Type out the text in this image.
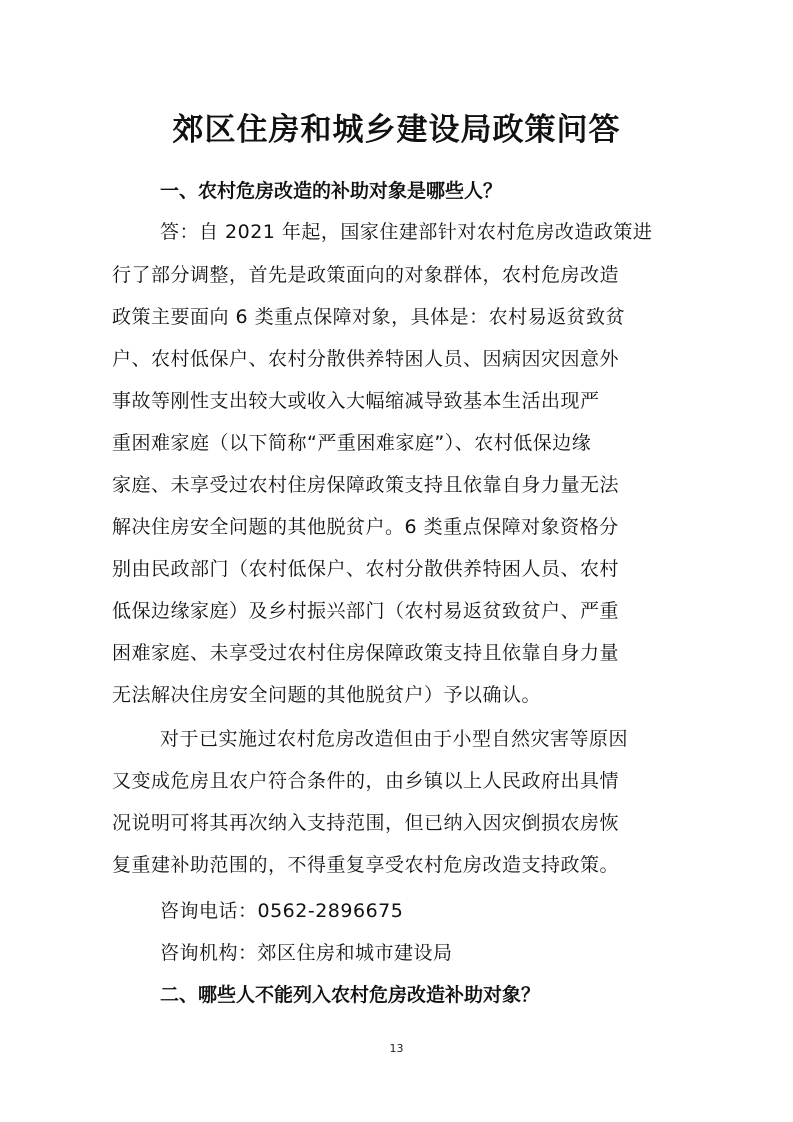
郊区住房和城乡建设局政策问答
一、农村危房改造的补助对象是哪些人？
答：自 2021 年起，国家住建部针对农村危房改造政策进
行了部分调整，首先是政策面向的对象群体，农村危房改造
政策主要面向 6 类重点保障对象，具体是：农村易返贫致贫
户、农村低保户、农村分散供养特困人员、因病因灾因意外
事故等刚性支出较大或收入大幅缩减导致基本生活出现严
重困难家庭（以下简称“严重困难家庭”）、农村低保边缘
家庭、未享受过农村住房保障政策支持且依靠自身力量无法
解决住房安全问题的其他脱贫户。6 类重点保障对象资格分
别由民政部门（农村低保户、农村分散供养特困人员、农村
低保边缘家庭）及乡村振兴部门（农村易返贫致贫户、严重
困难家庭、未享受过农村住房保障政策支持且依靠自身力量
无法解决住房安全问题的其他脱贫户）予以确认。
对于已实施过农村危房改造但由于小型自然灾害等原因
又变成危房且农户符合条件的，由乡镇以上人民政府出具情
况说明可将其再次纳入支持范围，但已纳入因灾倒损农房恢
复重建补助范围的，不得重复享受农村危房改造支持政策。
咨询电话：0562-2896675
咨询机构：郊区住房和城市建设局
二、哪些人不能列入农村危房改造补助对象？
13
